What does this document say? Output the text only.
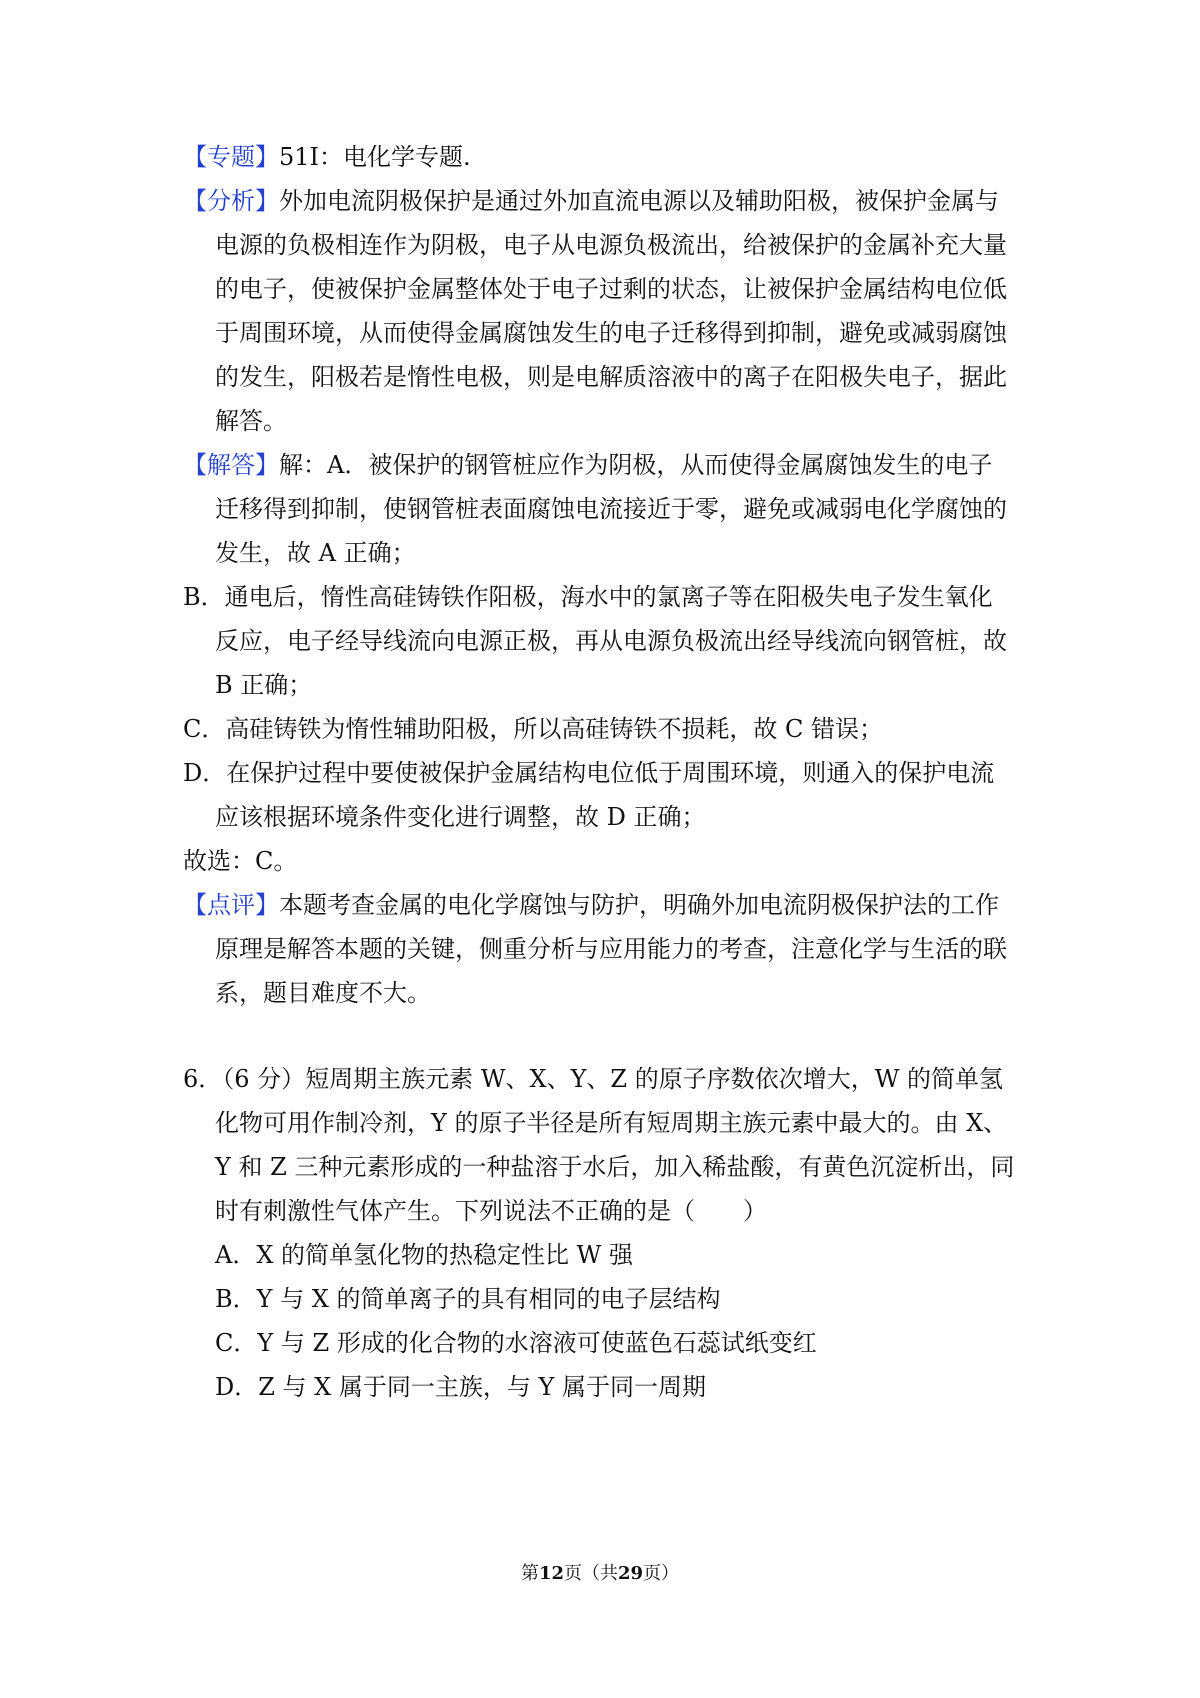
【专题】51I：电化学专题.
【分析】外加电流阴极保护是通过外加直流电源以及辅助阳极，被保护金属与
电源的负极相连作为阴极，电子从电源负极流出，给被保护的金属补充大量
的电子，使被保护金属整体处于电子过剩的状态，让被保护金属结构电位低
于周围环境，从而使得金属腐蚀发生的电子迁移得到抑制，避免或减弱腐蚀
的发生，阳极若是惰性电极，则是电解质溶液中的离子在阳极失电子，据此
解答。
【解答】解：A．被保护的钢管桩应作为阴极，从而使得金属腐蚀发生的电子
迁移得到抑制，使钢管桩表面腐蚀电流接近于零，避免或减弱电化学腐蚀的
发生，故 A 正确；
B．通电后，惰性高硅铸铁作阳极，海水中的氯离子等在阳极失电子发生氧化
反应，电子经导线流向电源正极，再从电源负极流出经导线流向钢管桩，故
B 正确；
C．高硅铸铁为惰性辅助阳极，所以高硅铸铁不损耗，故 C 错误；
D．在保护过程中要使被保护金属结构电位低于周围环境，则通入的保护电流
应该根据环境条件变化进行调整，故 D 正确；
故选：C。
【点评】本题考查金属的电化学腐蚀与防护，明确外加电流阴极保护法的工作
原理是解答本题的关键，侧重分析与应用能力的考查，注意化学与生活的联
系，题目难度不大。
6．（6 分）短周期主族元素 W、X、Y、Z 的原子序数依次增大，W 的简单氢
化物可用作制冷剂，Y 的原子半径是所有短周期主族元素中最大的。由 X、
Y 和 Z 三种元素形成的一种盐溶于水后，加入稀盐酸，有黄色沉淀析出，同
时有刺激性气体产生。下列说法不正确的是（　　）
A．X 的简单氢化物的热稳定性比 W 强
B．Y 与 X 的简单离子的具有相同的电子层结构
C．Y 与 Z 形成的化合物的水溶液可使蓝色石蕊试纸变红
D．Z 与 X 属于同一主族，与 Y 属于同一周期
第12页（共29页）
